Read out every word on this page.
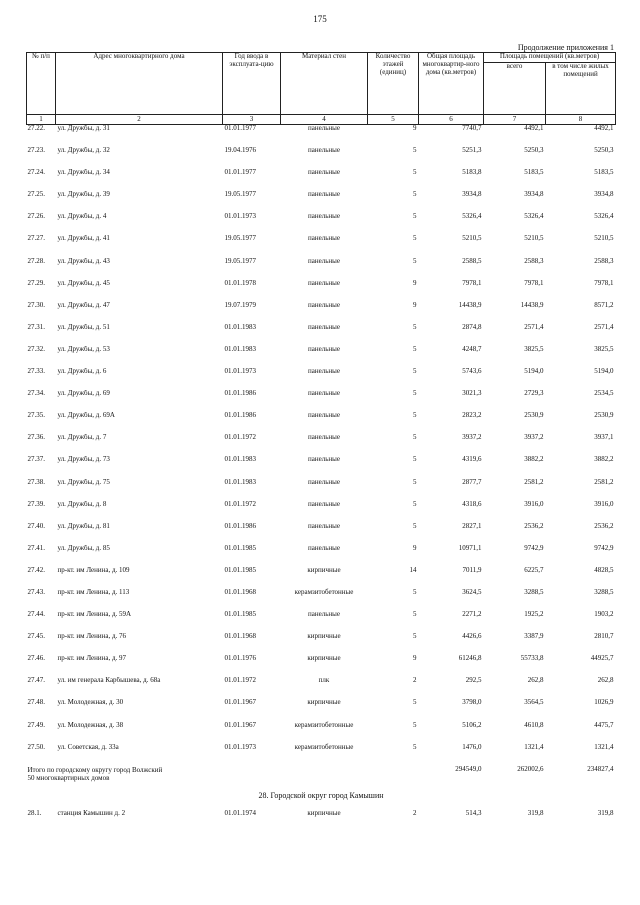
175
Продолжение приложения 1
№ п/п	Адрес многоквартирного дома	Год ввода в эксплуата-цию	Материал стен	Количество этажей (единиц)	Общая площадь многоквартир-ного дома (кв.метров)	Площадь помещений (кв.метров)	
						всего	в том числе жилых помещений
1	2	3	4	5	6	7	8
27.22.	ул. Дружбы, д. 31	01.01.1977	панельные	9	7740,7	4492,1	4492,1
27.23.	ул. Дружбы, д. 32	19.04.1976	панельные	5	5251,3	5250,3	5250,3
27.24.	ул. Дружбы, д. 34	01.01.1977	панельные	5	5183,8	5183,5	5183,5
27.25.	ул. Дружбы, д. 39	19.05.1977	панельные	5	3934,8	3934,8	3934,8
27.26.	ул. Дружбы, д. 4	01.01.1973	панельные	5	5326,4	5326,4	5326,4
27.27.	ул. Дружбы, д. 41	19.05.1977	панельные	5	5210,5	5210,5	5210,5
27.28.	ул. Дружбы, д. 43	19.05.1977	панельные	5	2588,5	2588,3	2588,3
27.29.	ул. Дружбы, д. 45	01.01.1978	панельные	9	7978,1	7978,1	7978,1
27.30.	ул. Дружбы, д. 47	19.07.1979	панельные	9	14438,9	14438,9	8571,2
27.31.	ул. Дружбы, д. 51	01.01.1983	панельные	5	2874,8	2571,4	2571,4
27.32.	ул. Дружбы, д. 53	01.01.1983	панельные	5	4248,7	3825,5	3825,5
27.33.	ул. Дружбы, д. 6	01.01.1973	панельные	5	5743,6	5194,0	5194,0
27.34.	ул. Дружбы, д. 69	01.01.1986	панельные	5	3021,3	2729,3	2534,5
27.35.	ул. Дружбы, д. 69А	01.01.1986	панельные	5	2823,2	2530,9	2530,9
27.36.	ул. Дружбы, д. 7	01.01.1972	панельные	5	3937,2	3937,2	3937,1
27.37.	ул. Дружбы, д. 73	01.01.1983	панельные	5	4319,6	3882,2	3882,2
27.38.	ул. Дружбы, д. 75	01.01.1983	панельные	5	2877,7	2581,2	2581,2
27.39.	ул. Дружбы, д. 8	01.01.1972	панельные	5	4318,6	3916,0	3916,0
27.40.	ул. Дружбы, д. 81	01.01.1986	панельные	5	2827,1	2536,2	2536,2
27.41.	ул. Дружбы, д. 85	01.01.1985	панельные	9	10971,1	9742,9	9742,9
27.42.	пр-кт. им Ленина, д. 109	01.01.1985	кирпичные	14	7011,9	6225,7	4828,5
27.43.	пр-кт. им Ленина, д. 113	01.01.1968	керамзитобетонные	5	3624,5	3288,5	3288,5
27.44.	пр-кт. им Ленина, д. 59А	01.01.1985	панельные	5	2271,2	1925,2	1903,2
27.45.	пр-кт. им Ленина, д. 76	01.01.1968	кирпичные	5	4426,6	3387,9	2810,7
27.46.	пр-кт. им Ленина, д. 97	01.01.1976	кирпичные	9	61246,8	55733,8	44925,7
27.47.	ул. им генерала Карбышева, д. 68а	01.01.1972	плк	2	292,5	262,8	262,8
27.48.	ул. Молодежная, д. 30	01.01.1967	кирпичные	5	3798,0	3564,5	1026,9
27.49.	ул. Молодежная, д. 38	01.01.1967	керамзитобетонные	5	5106,2	4610,8	4475,7
27.50.	ул. Советская, д. 33а	01.01.1973	керамзитобетонные	5	1476,0	1321,4	1321,4

Итого по городскому округу город Волжский
50 многоквартирных домов					294549,0	262002,6	234827,4
28. Городской округ город Камышин							

28.1.	станция Камышин д. 2	01.01.1974	кирпичные	2	514,3	319,8	319,8
